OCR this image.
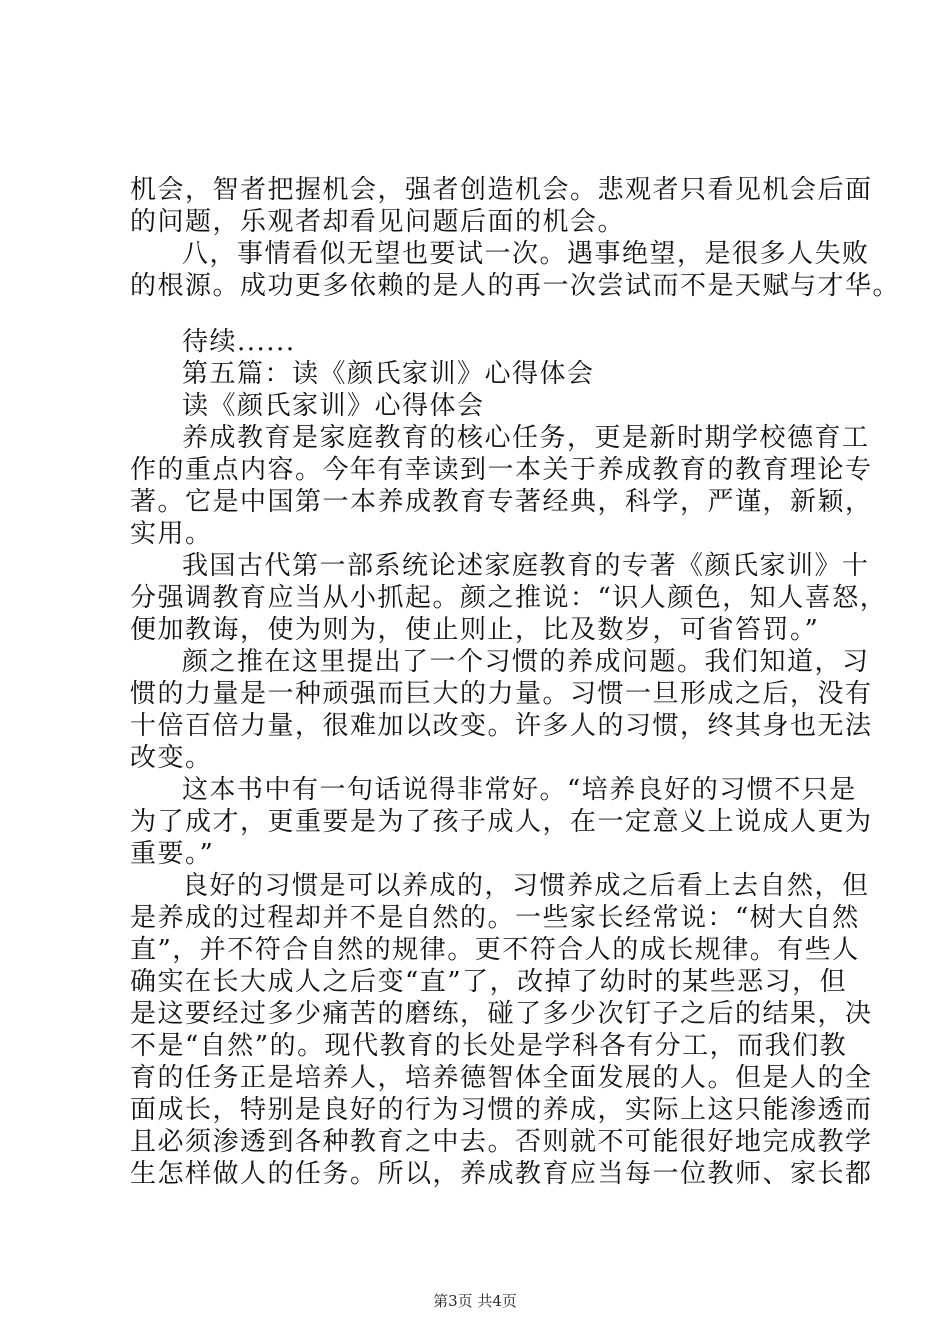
机会，智者把握机会，强者创造机会。悲观者只看见机会后面
的问题，乐观者却看见问题后面的机会。
八，事情看似无望也要试一次。遇事绝望，是很多人失败
的根源。成功更多依赖的是人的再一次尝试而不是天赋与才华。
待续......
第五篇：读《颜氏家训》心得体会
读《颜氏家训》心得体会
养成教育是家庭教育的核心任务，更是新时期学校德育工
作的重点内容。今年有幸读到一本关于养成教育的教育理论专
著。它是中国第一本养成教育专著经典，科学，严谨，新颖，
实用。
我国古代第一部系统论述家庭教育的专著《颜氏家训》十
分强调教育应当从小抓起。颜之推说：“识人颜色，知人喜怒，
便加教诲，使为则为，使止则止，比及数岁，可省笞罚。”
颜之推在这里提出了一个习惯的养成问题。我们知道，习
惯的力量是一种顽强而巨大的力量。习惯一旦形成之后，没有
十倍百倍力量，很难加以改变。许多人的习惯，终其身也无法
改变。
这本书中有一句话说得非常好。“培养良好的习惯不只是
为了成才，更重要是为了孩子成人，在一定意义上说成人更为
重要。”
良好的习惯是可以养成的，习惯养成之后看上去自然，但
是养成的过程却并不是自然的。一些家长经常说：“树大自然
直”，并不符合自然的规律。更不符合人的成长规律。有些人
确实在长大成人之后变“直”了，改掉了幼时的某些恶习，但
是这要经过多少痛苦的磨练，碰了多少次钉子之后的结果，决
不是“自然”的。现代教育的长处是学科各有分工，而我们教
育的任务正是培养人，培养德智体全面发展的人。但是人的全
面成长，特别是良好的行为习惯的养成，实际上这只能渗透而
且必须渗透到各种教育之中去。否则就不可能很好地完成教学
生怎样做人的任务。所以，养成教育应当每一位教师、家长都
第3页 共4页
